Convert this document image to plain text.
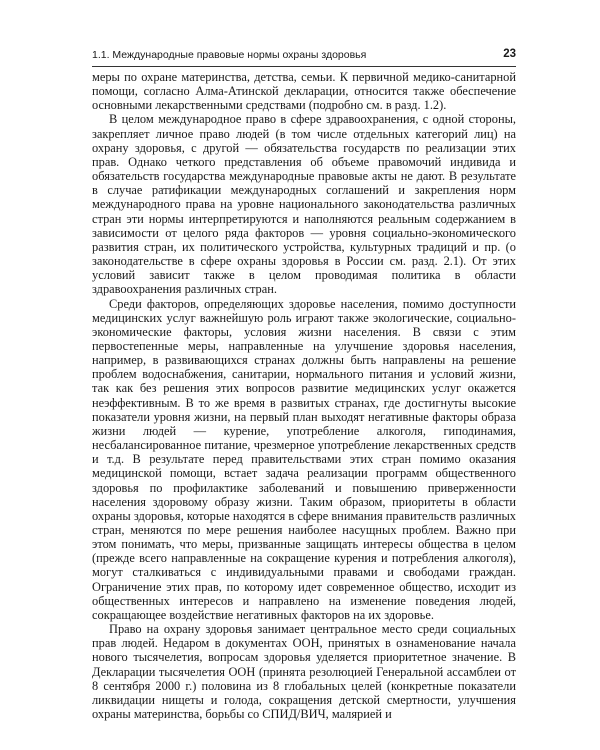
1.1. Международные правовые нормы охраны здоровья	23

меры по охране материнства, детства, семьи. К первичной медико-санитарной помощи, согласно Алма-Атинской декларации, относится также обеспечение основными лекарственными средствами (подробно см. в разд. 1.2).

В целом международное право в сфере здравоохранения, с одной стороны, закрепляет личное право людей (в том числе отдельных категорий лиц) на охрану здоровья, с другой — обязательства государств по реализации этих прав. Однако четкого представления об объеме правомочий индивида и обязательств государства международные правовые акты не дают. В результате в случае ратификации международных соглашений и закрепления норм международного права на уровне национального законодательства различных стран эти нормы интерпретируются и наполняются реальным содержанием в зависимости от целого ряда факторов — уровня социально-экономического развития стран, их политического устройства, культурных традиций и пр. (о законодательстве в сфере охраны здоровья в России см. разд. 2.1). От этих условий зависит также в целом проводимая политика в области здравоохранения различных стран.

Среди факторов, определяющих здоровье населения, помимо доступности медицинских услуг важнейшую роль играют также экологические, социально-экономические факторы, условия жизни населения. В связи с этим первостепенные меры, направленные на улучшение здоровья населения, например, в развивающихся странах должны быть направлены на решение проблем водоснабжения, санитарии, нормального питания и условий жизни, так как без решения этих вопросов развитие медицинских услуг окажется неэффективным. В то же время в развитых странах, где достигнуты высокие показатели уровня жизни, на первый план выходят негативные факторы образа жизни людей — курение, употребление алкоголя, гиподинамия, несбалансированное питание, чрезмерное употребление лекарственных средств и т.д. В результате перед правительствами этих стран помимо оказания медицинской помощи, встает задача реализации программ общественного здоровья по профилактике заболеваний и повышению приверженности населения здоровому образу жизни. Таким образом, приоритеты в области охраны здоровья, которые находятся в сфере внимания правительств различных стран, меняются по мере решения наиболее насущных проблем. Важно при этом понимать, что меры, призванные защищать интересы общества в целом (прежде всего направленные на сокращение курения и потребления алкоголя), могут сталкиваться с индивидуальными правами и свободами граждан. Ограничение этих прав, по которому идет современное общество, исходит из общественных интересов и направлено на изменение поведения людей, сокращающее воздействие негативных факторов на их здоровье.

Право на охрану здоровья занимает центральное место среди социальных прав людей. Недаром в документах ООН, принятых в ознаменование начала нового тысячелетия, вопросам здоровья уделяется приоритетное значение. В Декларации тысячелетия ООН (принята резолюцией Генеральной ассамблеи от 8 сентября 2000 г.) половина из 8 глобальных целей (конкретные показатели ликвидации нищеты и голода, сокращения детской смертности, улучшения охраны материнства, борьбы со СПИД/ВИЧ, малярией и
